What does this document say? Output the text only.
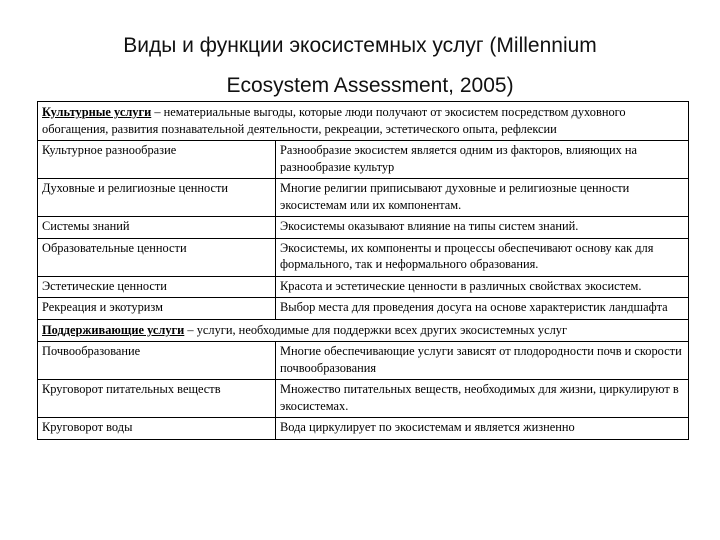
Виды и функции экосистемных услуг (Millennium
Ecosystem Assessment, 2005)
Культурные услуги – нематериальные выгоды, которые люди получают от экосистем посредством духовного обогащения, развития познавательной деятельности, рекреации, эстетического опыта, рефлексии	
Культурное разнообразие	Разнообразие экосистем является одним из факторов, влияющих на разнообразие культур
Духовные и религиозные ценности	Многие религии приписывают духовные и религиозные ценности экосистемам или их компонентам.
Системы знаний	Экосистемы оказывают влияние на типы систем знаний.
Образовательные ценности	Экосистемы, их компоненты и процессы обеспечивают основу как для формального, так и неформального образования.
Эстетические ценности	Красота и эстетические ценности в различных свойствах экосистем.
Рекреация и экотуризм	Выбор места для проведения досуга на основе характеристик ландшафта
Поддерживающие услуги – услуги, необходимые для поддержки всех других экосистемных услуг	
Почвообразование	Многие обеспечивающие услуги зависят от плодородности почв и скорости почвообразования
Круговорот питательных веществ	Множество питательных веществ, необходимых для жизни, циркулируют в экосистемах.
Круговорот воды	Вода циркулирует по экосистемам и является жизненно
